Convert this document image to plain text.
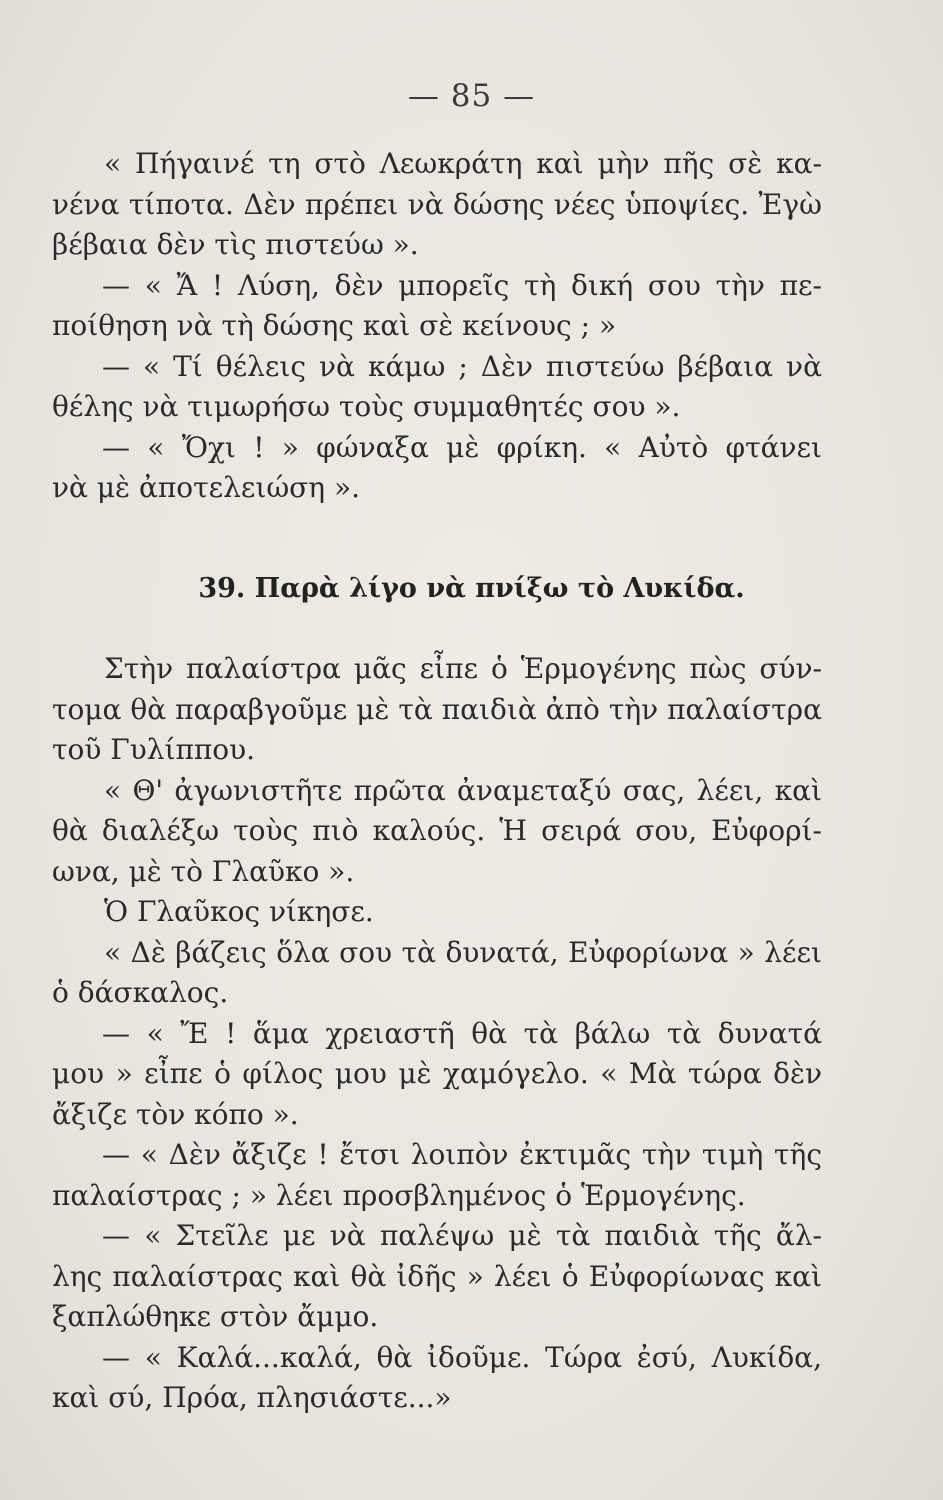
— 85 —
« Πήγαινέ τη στὸ Λεωκράτη καὶ μὴν πῆς σὲ κα-
νένα τίποτα. Δὲν πρέπει νὰ δώσης νέες ὑποψίες. Ἐγὼ
βέβαια δὲν τὶς πιστεύω ».
— « Ἄ ! Λύση, δὲν μπορεῖς τὴ δική σου τὴν πε-
ποίθηση νὰ τὴ δώσης καὶ σὲ κείνους ; »
— « Τί θέλεις νὰ κάμω ; Δὲν πιστεύω βέβαια νὰ
θέλης νὰ τιμωρήσω τοὺς συμμαθητές σου ».
— « Ὄχι ! » φώναξα μὲ φρίκη. « Αὐτὸ φτάνει
νὰ μὲ ἀποτελειώση ».
39. Παρὰ λίγο νὰ πνίξω τὸ Λυκίδα.
Στὴν παλαίστρα μᾶς εἶπε ὁ Ἑρμογένης πὼς σύν-
τομα θὰ παραβγοῦμε μὲ τὰ παιδιὰ ἀπὸ τὴν παλαίστρα
τοῦ Γυλίππου.
« Θ' ἀγωνιστῆτε πρῶτα ἀναμεταξύ σας, λέει, καὶ
θὰ διαλέξω τοὺς πιὸ καλούς. Ἡ σειρά σου, Εὐφορί-
ωνα, μὲ τὸ Γλαῦκο ».
Ὁ Γλαῦκος νίκησε.
« Δὲ βάζεις ὅλα σου τὰ δυνατά, Εὐφορίωνα » λέει
ὁ δάσκαλος.
— « Ἔ ! ἅμα χρειαστῆ θὰ τὰ βάλω τὰ δυνατά
μου » εἶπε ὁ φίλος μου μὲ χαμόγελο. « Μὰ τώρα δὲν
ἄξιζε τὸν κόπο ».
— « Δὲν ἄξιζε ! ἔτσι λοιπὸν ἐκτιμᾶς τὴν τιμὴ τῆς
παλαίστρας ; » λέει προσβλημένος ὁ Ἑρμογένης.
— « Στεῖλε με νὰ παλέψω μὲ τὰ παιδιὰ τῆς ἄλ-
λης παλαίστρας καὶ θὰ ἰδῆς » λέει ὁ Εὐφορίωνας καὶ
ξαπλώθηκε στὸν ἄμμο.
— « Καλά...καλά, θὰ ἰδοῦμε. Τώρα ἐσύ, Λυκίδα,
καὶ σύ, Πρόα, πλησιάστε...»
